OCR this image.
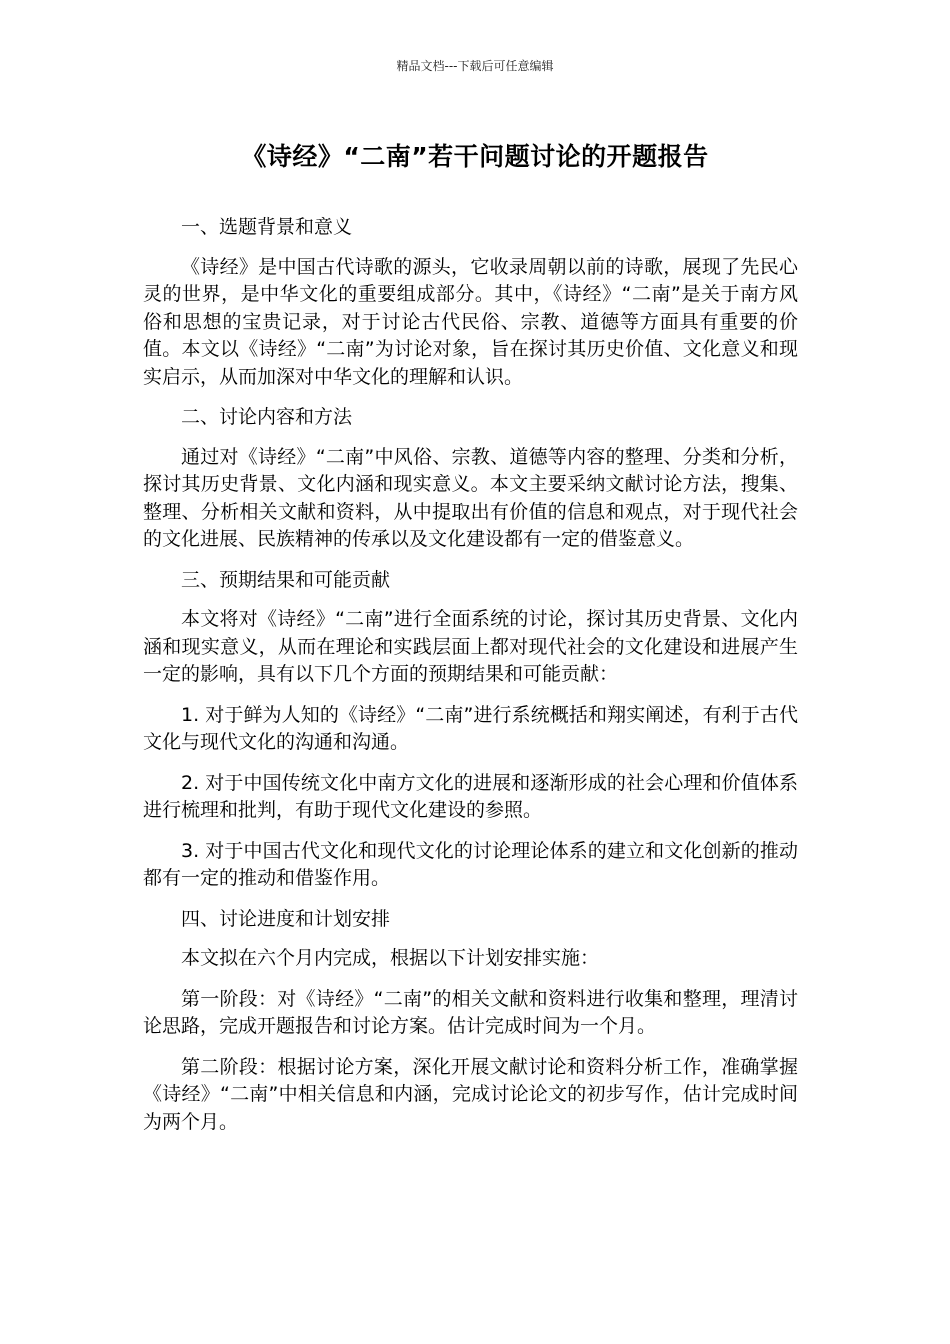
精品文档---下载后可任意编辑
《诗经》“二南”若干问题讨论的开题报告

一、选题背景和意义

《诗经》是中国古代诗歌的源头，它收录周朝以前的诗歌，展现了先民心灵的世界，是中华文化的重要组成部分。其中，《诗经》“二南”是关于南方风俗和思想的宝贵记录，对于讨论古代民俗、宗教、道德等方面具有重要的价值。本文以《诗经》“二南”为讨论对象，旨在探讨其历史价值、文化意义和现实启示，从而加深对中华文化的理解和认识。

二、讨论内容和方法

通过对《诗经》“二南”中风俗、宗教、道德等内容的整理、分类和分析，探讨其历史背景、文化内涵和现实意义。本文主要采纳文献讨论方法，搜集、整理、分析相关文献和资料，从中提取出有价值的信息和观点，对于现代社会的文化进展、民族精神的传承以及文化建设都有一定的借鉴意义。

三、预期结果和可能贡献

本文将对《诗经》“二南”进行全面系统的讨论，探讨其历史背景、文化内涵和现实意义，从而在理论和实践层面上都对现代社会的文化建设和进展产生一定的影响，具有以下几个方面的预期结果和可能贡献：

1. 对于鲜为人知的《诗经》“二南”进行系统概括和翔实阐述，有利于古代文化与现代文化的沟通和沟通。

2. 对于中国传统文化中南方文化的进展和逐渐形成的社会心理和价值体系进行梳理和批判，有助于现代文化建设的参照。

3. 对于中国古代文化和现代文化的讨论理论体系的建立和文化创新的推动都有一定的推动和借鉴作用。

四、讨论进度和计划安排

本文拟在六个月内完成，根据以下计划安排实施：

第一阶段：对《诗经》“二南”的相关文献和资料进行收集和整理，理清讨论思路，完成开题报告和讨论方案。估计完成时间为一个月。

第二阶段：根据讨论方案，深化开展文献讨论和资料分析工作，准确掌握《诗经》“二南”中相关信息和内涵，完成讨论论文的初步写作，估计完成时间为两个月。
